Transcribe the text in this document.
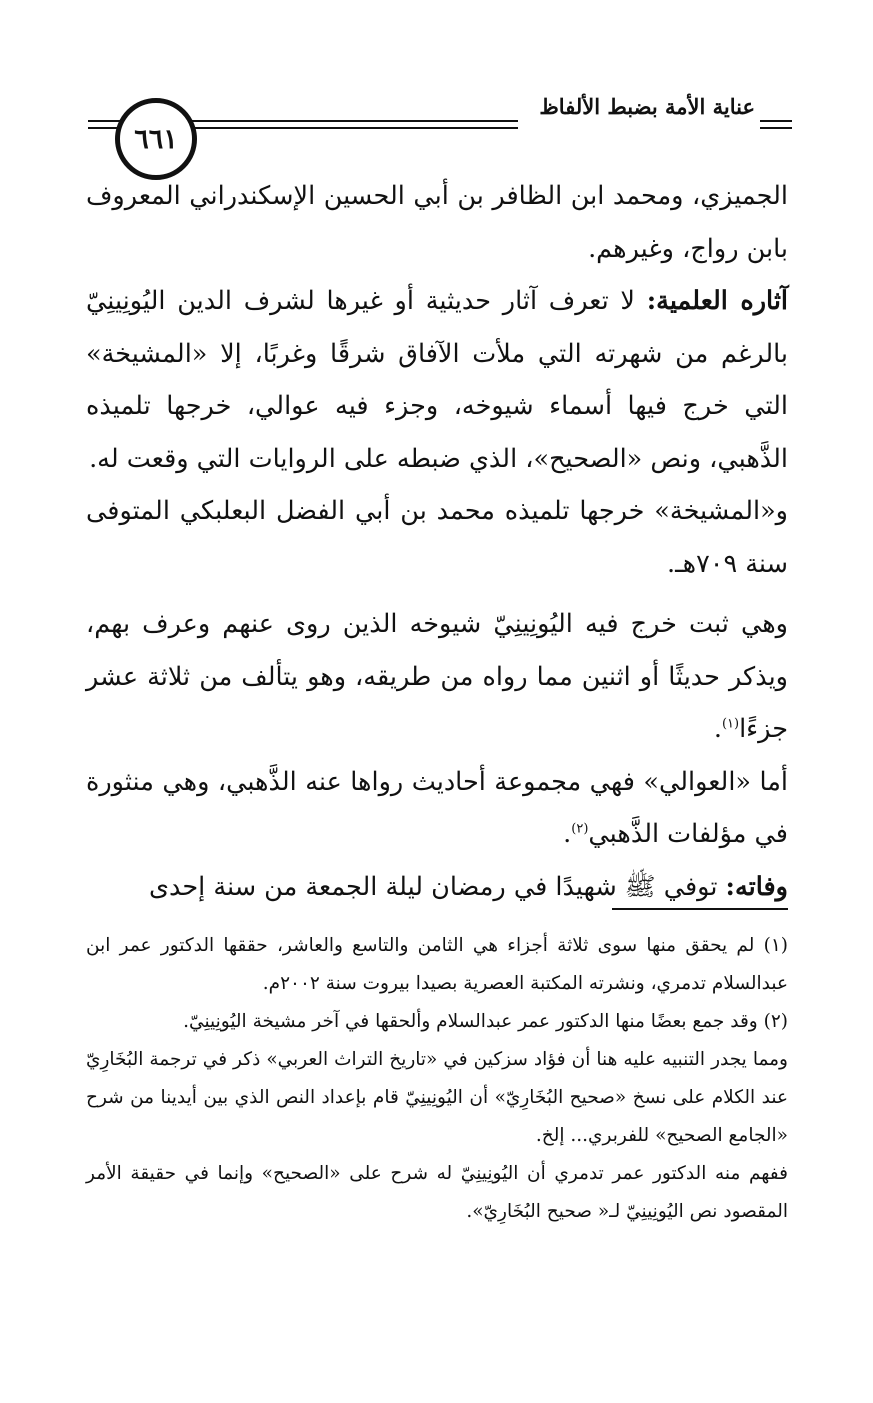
٦٦١
عناية الأمة بضبط الألفاظ

الجميزي، ومحمد ابن الظافر بن أبي الحسين الإسكندراني المعروف بابن رواج، وغيرهم.

آثاره العلمية: لا تعرف آثار حديثية أو غيرها لشرف الدين اليُونِينِيّ بالرغم من شهرته التي ملأت الآفاق شرقًا وغربًا، إلا «المشيخة» التي خرج فيها أسماء شيوخه، وجزء فيه عوالي، خرجها تلميذه الذَّهبي، ونص «الصحيح»، الذي ضبطه على الروايات التي وقعت له.

و«المشيخة» خرجها تلميذه محمد بن أبي الفضل البعلبكي المتوفى سنة ٧٠٩هـ.

وهي ثبت خرج فيه اليُونِينِيّ شيوخه الذين روى عنهم وعرف بهم، ويذكر حديثًا أو اثنين مما رواه من طريقه، وهو يتألف من ثلاثة عشر جزءًا$^{(١)}$.

أما «العوالي» فهي مجموعة أحاديث رواها عنه الذَّهبي، وهي منثورة في مؤلفات الذَّهبي$^{(٢)}$.

وفاته: توفي ﷺ شهيدًا في رمضان ليلة الجمعة من سنة إحدى

(١) لم يحقق منها سوى ثلاثة أجزاء هي الثامن والتاسع والعاشر، حققها الدكتور عمر ابن عبدالسلام تدمري، ونشرته المكتبة العصرية بصيدا بيروت سنة ٢٠٠٢م.

(٢) وقد جمع بعضًا منها الدكتور عمر عبدالسلام وألحقها في آخر مشيخة اليُونِينِيّ.

ومما يجدر التنبيه عليه هنا أن فؤاد سزكين في «تاريخ التراث العربي» ذكر في ترجمة البُخَارِيّ عند الكلام على نسخ «صحيح البُخَارِيّ» أن اليُونِينِيّ قام بإعداد النص الذي بين أيدينا من شرح «الجامع الصحيح» للفربري... إلخ.

ففهم منه الدكتور عمر تدمري أن اليُونِينِيّ له شرح على «الصحيح» وإنما في حقيقة الأمر المقصود نص اليُونِينِيّ لـ« صحيح البُخَارِيّ».
